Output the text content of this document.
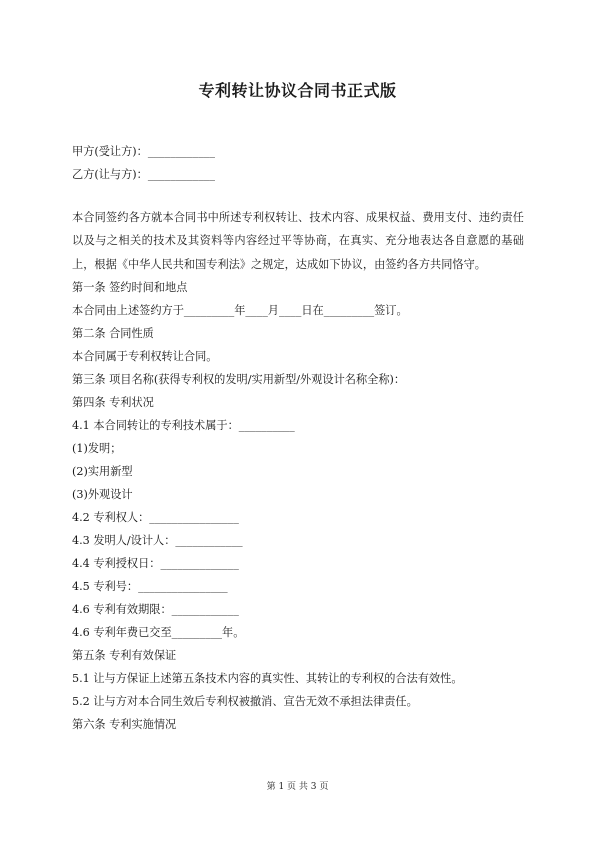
专利转让协议合同书正式版
甲方(受让方)：____________
乙方(让与方)：____________

本合同签约各方就本合同书中所述专利权转让、技术内容、成果权益、费用支付、违约责任以及与之相关的技术及其资料等内容经过平等协商，在真实、充分地表达各自意愿的基础上，根据《中华人民共和国专利法》之规定，达成如下协议，由签约各方共同恪守。

第一条 签约时间和地点
本合同由上述签约方于_________年____月____日在_________签订。
第二条 合同性质
本合同属于专利权转让合同。
第三条 项目名称(获得专利权的发明/实用新型/外观设计名称全称)：
第四条 专利状况
4.1 本合同转让的专利技术属于：__________
(1)发明；
(2)实用新型
(3)外观设计
4.2 专利权人：________________
4.3 发明人/设计人：____________
4.4 专利授权日：______________
4.5 专利号：________________
4.6 专利有效期限：____________
4.6 专利年费已交至_________年。
第五条 专利有效保证
5.1 让与方保证上述第五条技术内容的真实性、其转让的专利权的合法有效性。
5.2 让与方对本合同生效后专利权被撤消、宣告无效不承担法律责任。
第六条 专利实施情况
第 1 页 共 3 页
